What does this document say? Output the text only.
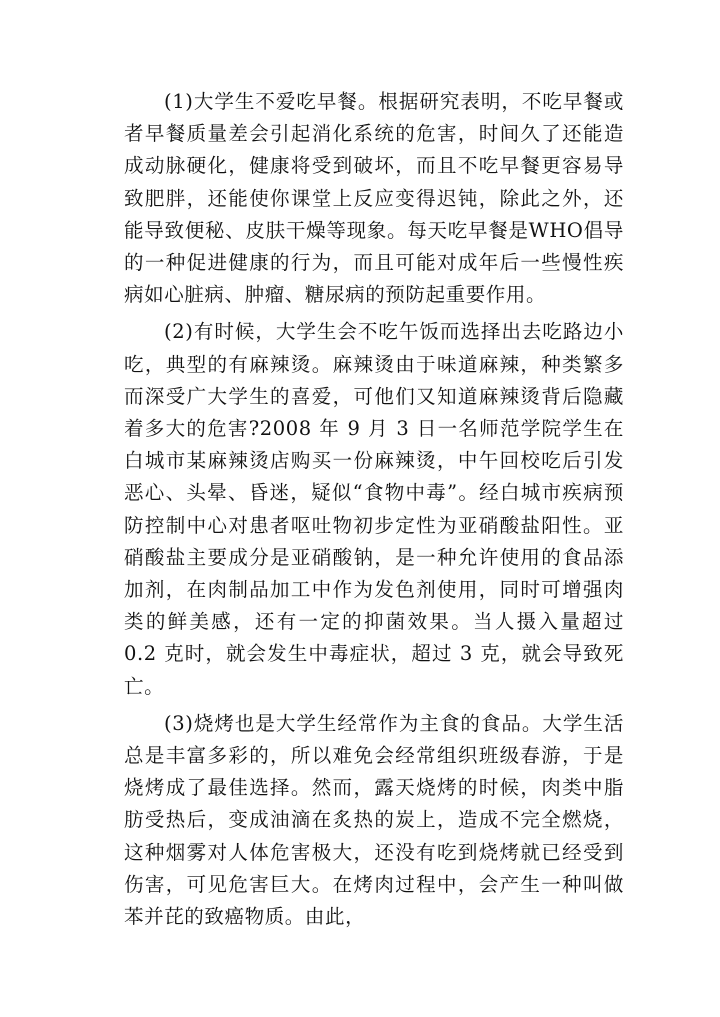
(1)大学生不爱吃早餐。根据研究表明，不吃早餐或者早餐质量差会引起消化系统的危害，时间久了还能造成动脉硬化，健康将受到破坏，而且不吃早餐更容易导致肥胖，还能使你课堂上反应变得迟钝，除此之外，还能导致便秘、皮肤干燥等现象。每天吃早餐是WHO倡导的一种促进健康的行为，而且可能对成年后一些慢性疾病如心脏病、肿瘤、糖尿病的预防起重要作用。

(2)有时候，大学生会不吃午饭而选择出去吃路边小吃，典型的有麻辣烫。麻辣烫由于味道麻辣，种类繁多而深受广大学生的喜爱，可他们又知道麻辣烫背后隐藏着多大的危害?2008 年 9 月 3 日一名师范学院学生在白城市某麻辣烫店购买一份麻辣烫，中午回校吃后引发恶心、头晕、昏迷，疑似“食物中毒”。经白城市疾病预防控制中心对患者呕吐物初步定性为亚硝酸盐阳性。亚硝酸盐主要成分是亚硝酸钠，是一种允许使用的食品添加剂，在肉制品加工中作为发色剂使用，同时可增强肉类的鲜美感，还有一定的抑菌效果。当人摄入量超过 0.2 克时，就会发生中毒症状，超过 3 克，就会导致死亡。

(3)烧烤也是大学生经常作为主食的食品。大学生活总是丰富多彩的，所以难免会经常组织班级春游，于是烧烤成了最佳选择。然而，露天烧烤的时候，肉类中脂肪受热后，变成油滴在炙热的炭上，造成不完全燃烧，这种烟雾对人体危害极大，还没有吃到烧烤就已经受到伤害，可见危害巨大。在烤肉过程中，会产生一种叫做苯并芘的致癌物质。由此，
